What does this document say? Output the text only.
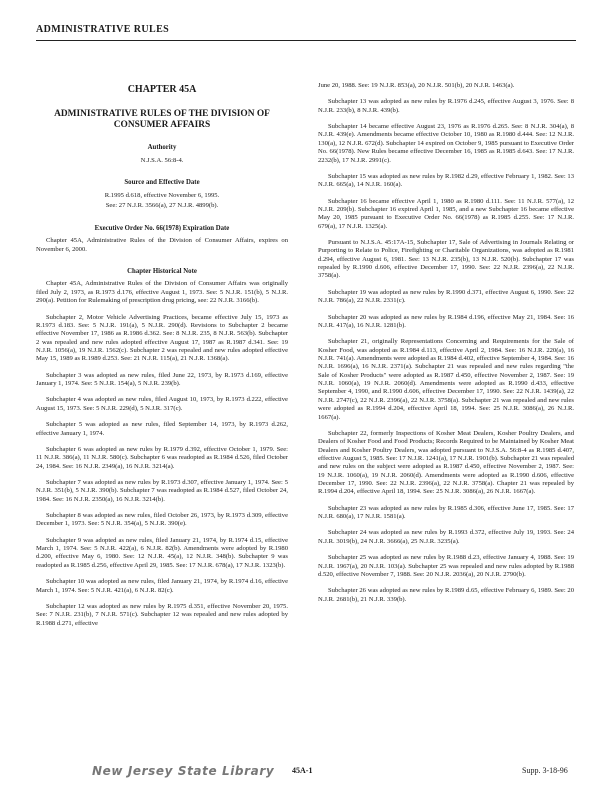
ADMINISTRATIVE RULES
CHAPTER 45A
ADMINISTRATIVE RULES OF THE DIVISION OF CONSUMER AFFAIRS
Authority
N.J.S.A. 56:8-4.
Source and Effective Date
R.1995 d.618, effective November 6, 1995.
See: 27 N.J.R. 3566(a), 27 N.J.R. 4899(b).
Executive Order No. 66(1978) Expiration Date

Chapter 45A, Administrative Rules of the Division of Consumer Affairs, expires on November 6, 2000.

Chapter Historical Note

Chapter 45A, Administrative Rules of the Division of Consumer Affairs was originally filed July 2, 1973, as R.1973 d.176, effective August 1, 1973. See: 5 N.J.R. 151(b), 5 N.J.R. 290(a). Petition for Rulemaking of prescription drug pricing, see: 22 N.J.R. 3166(b).

Subchapter 2, Motor Vehicle Advertising Practices, became effective July 15, 1973 as R.1973 d.183. See: 5 N.J.R. 191(a), 5 N.J.R. 290(d). Revisions to Subchapter 2 became effective November 17, 1986 as R.1986 d.362. See: 8 N.J.R. 235, 8 N.J.R. 563(b). Subchapter 2 was repealed and new rules adopted effective August 17, 1987 as R.1987 d.341. See: 19 N.J.R. 1056(a), 19 N.J.R. 1562(c). Subchapter 2 was repealed and new rules adopted effective May 15, 1989 as R.1989 d.253. See: 21 N.J.R. 115(a), 21 N.J.R. 1368(a).

Subchapter 3 was adopted as new rules, filed June 22, 1973, by R.1973 d.169, effective January 1, 1974. See: 5 N.J.R. 154(a), 5 N.J.R. 239(b).

Subchapter 4 was adopted as new rules, filed August 10, 1973, by R.1973 d.222, effective August 15, 1973. See: 5 N.J.R. 229(d), 5 N.J.R. 317(c).

Subchapter 5 was adopted as new rules, filed September 14, 1973, by R.1973 d.262, effective January 1, 1974.

Subchapter 6 was adopted as new rules by R.1979 d.392, effective October 1, 1979. See: 11 N.J.R. 386(a), 11 N.J.R. 580(c). Subchapter 6 was readopted as R.1984 d.526, filed October 24, 1984. See: 16 N.J.R. 2349(a), 16 N.J.R. 3214(a).

Subchapter 7 was adopted as new rules by R.1973 d.307, effective January 1, 1974. See: 5 N.J.R. 351(b), 5 N.J.R. 390(b). Subchapter 7 was readopted as R.1984 d.527, filed October 24, 1984. See: 16 N.J.R. 2350(a), 16 N.J.R. 3214(b).

Subchapter 8 was adopted as new rules, filed October 26, 1973, by R.1973 d.309, effective December 1, 1973. See: 5 N.J.R. 354(a), 5 N.J.R. 390(e).

Subchapter 9 was adopted as new rules, filed January 21, 1974, by R.1974 d.15, effective March 1, 1974. See: 5 N.J.R. 422(a), 6 N.J.R. 82(b). Amendments were adopted by R.1980 d.200, effective May 6, 1980. See: 12 N.J.R. 45(a), 12 N.J.R. 348(b). Subchapter 9 was readopted as R.1985 d.256, effective April 29, 1985. See: 17 N.J.R. 678(a), 17 N.J.R. 1323(b).

Subchapter 10 was adopted as new rules, filed January 21, 1974, by R.1974 d.16, effective March 1, 1974. See: 5 N.J.R. 421(a), 6 N.J.R. 82(c).

Subchapter 12 was adopted as new rules by R.1975 d.351, effective November 20, 1975. See: 7 N.J.R. 231(b), 7 N.J.R. 571(c). Subchapter 12 was repealed and new rules adopted by R.1988 d.271, effective

June 20, 1988. See: 19 N.J.R. 853(a), 20 N.J.R. 501(b), 20 N.J.R. 1463(a).

Subchapter 13 was adopted as new rules by R.1976 d.245, effective August 3, 1976. See: 8 N.J.R. 233(b), 8 N.J.R. 439(b).

Subchapter 14 became effective August 23, 1976 as R.1976 d.265. See: 8 N.J.R. 304(a), 8 N.J.R. 439(e). Amendments became effective October 10, 1980 as R.1980 d.444. See: 12 N.J.R. 130(a), 12 N.J.R. 672(d). Subchapter 14 expired on October 9, 1985 pursuant to Executive Order No. 66(1978). New Rules became effective December 16, 1985 as R.1985 d.643. See: 17 N.J.R. 2232(b), 17 N.J.R. 2991(c).

Subchapter 15 was adopted as new rules by R.1982 d.29, effective February 1, 1982. See: 13 N.J.R. 665(a), 14 N.J.R. 160(a).

Subchapter 16 became effective April 1, 1980 as R.1980 d.111. See: 11 N.J.R. 577(a), 12 N.J.R. 209(b). Subchapter 16 expired April 1, 1985, and a new Subchapter 16 became effective May 20, 1985 pursuant to Executive Order No. 66(1978) as R.1985 d.255. See: 17 N.J.R. 679(a), 17 N.J.R. 1325(a).

Pursuant to N.J.S.A. 45:17A-15, Subchapter 17, Sale of Advertising in Journals Relating or Purporting to Relate to Police, Firefighting or Charitable Organizations, was adopted as R.1981 d.294, effective August 6, 1981. See: 13 N.J.R. 235(b), 13 N.J.R. 520(b). Subchapter 17 was repealed by R.1990 d.606, effective December 17, 1990. See: 22 N.J.R. 2396(a), 22 N.J.R. 3758(a).

Subchapter 19 was adopted as new rules by R.1990 d.371, effective August 6, 1990. See: 22 N.J.R. 786(a), 22 N.J.R. 2331(c).

Subchapter 20 was adopted as new rules by R.1984 d.196, effective May 21, 1984. See: 16 N.J.R. 417(a), 16 N.J.R. 1281(b).

Subchapter 21, originally Representations Concerning and Requirements for the Sale of Kosher Food, was adopted as R.1984 d.113, effective April 2, 1984. See: 16 N.J.R. 220(a), 16 N.J.R. 741(a). Amendments were adopted as R.1984 d.402, effective September 4, 1984. See: 16 N.J.R. 1696(a), 16 N.J.R. 2371(a). Subchapter 21 was repealed and new rules regarding "the Sale of Kosher Products" were adopted as R.1987 d.450, effective November 2, 1987. See: 19 N.J.R. 1060(a), 19 N.J.R. 2060(d). Amendments were adopted as R.1990 d.433, effective September 4, 1990, and R.1990 d.606, effective December 17, 1990. See: 22 N.J.R. 1439(a), 22 N.J.R. 2747(c), 22 N.J.R. 2396(a), 22 N.J.R. 3758(a). Subchapter 21 was repealed and new rules were adopted as R.1994 d.204, effective April 18, 1994. See: 25 N.J.R. 3086(a), 26 N.J.R. 1667(a).

Subchapter 22, formerly Inspections of Kosher Meat Dealers, Kosher Poultry Dealers, and Dealers of Kosher Food and Food Products; Records Required to be Maintained by Kosher Meat Dealers and Kosher Poultry Dealers, was adopted pursuant to N.J.S.A. 56:8-4 as R.1985 d.407, effective August 5, 1985. See: 17 N.J.R. 1241(a), 17 N.J.R. 1901(b). Subchapter 21 was repealed and new rules on the subject were adopted as R.1987 d.450, effective November 2, 1987. See: 19 N.J.R. 1060(a), 19 N.J.R. 2060(d). Amendments were adopted as R.1990 d.606, effective December 17, 1990. See: 22 N.J.R. 2396(a), 22 N.J.R. 3758(a). Chapter 21 was repealed by R.1994 d.204, effective April 18, 1994. See: 25 N.J.R. 3086(a), 26 N.J.R. 1667(a).

Subchapter 23 was adopted as new rules by R.1985 d.306, effective June 17, 1985. See: 17 N.J.R. 680(a), 17 N.J.R. 1581(a).

Subchapter 24 was adopted as new rules by R.1993 d.372, effective July 19, 1993. See: 24 N.J.R. 3019(b), 24 N.J.R. 3666(a), 25 N.J.R. 3235(a).

Subchapter 25 was adopted as new rules by R.1988 d.23, effective January 4, 1988. See: 19 N.J.R. 1967(a), 20 N.J.R. 103(a). Subchapter 25 was repealed and new rules adopted by R.1988 d.520, effective November 7, 1988. See: 20 N.J.R. 2036(a), 20 N.J.R. 2790(b).

Subchapter 26 was adopted as new rules by R.1989 d.65, effective February 6, 1989. See: 20 N.J.R. 2681(b), 21 N.J.R. 339(b).

New Jersey State Library 45A-1	Supp. 3-18-96
